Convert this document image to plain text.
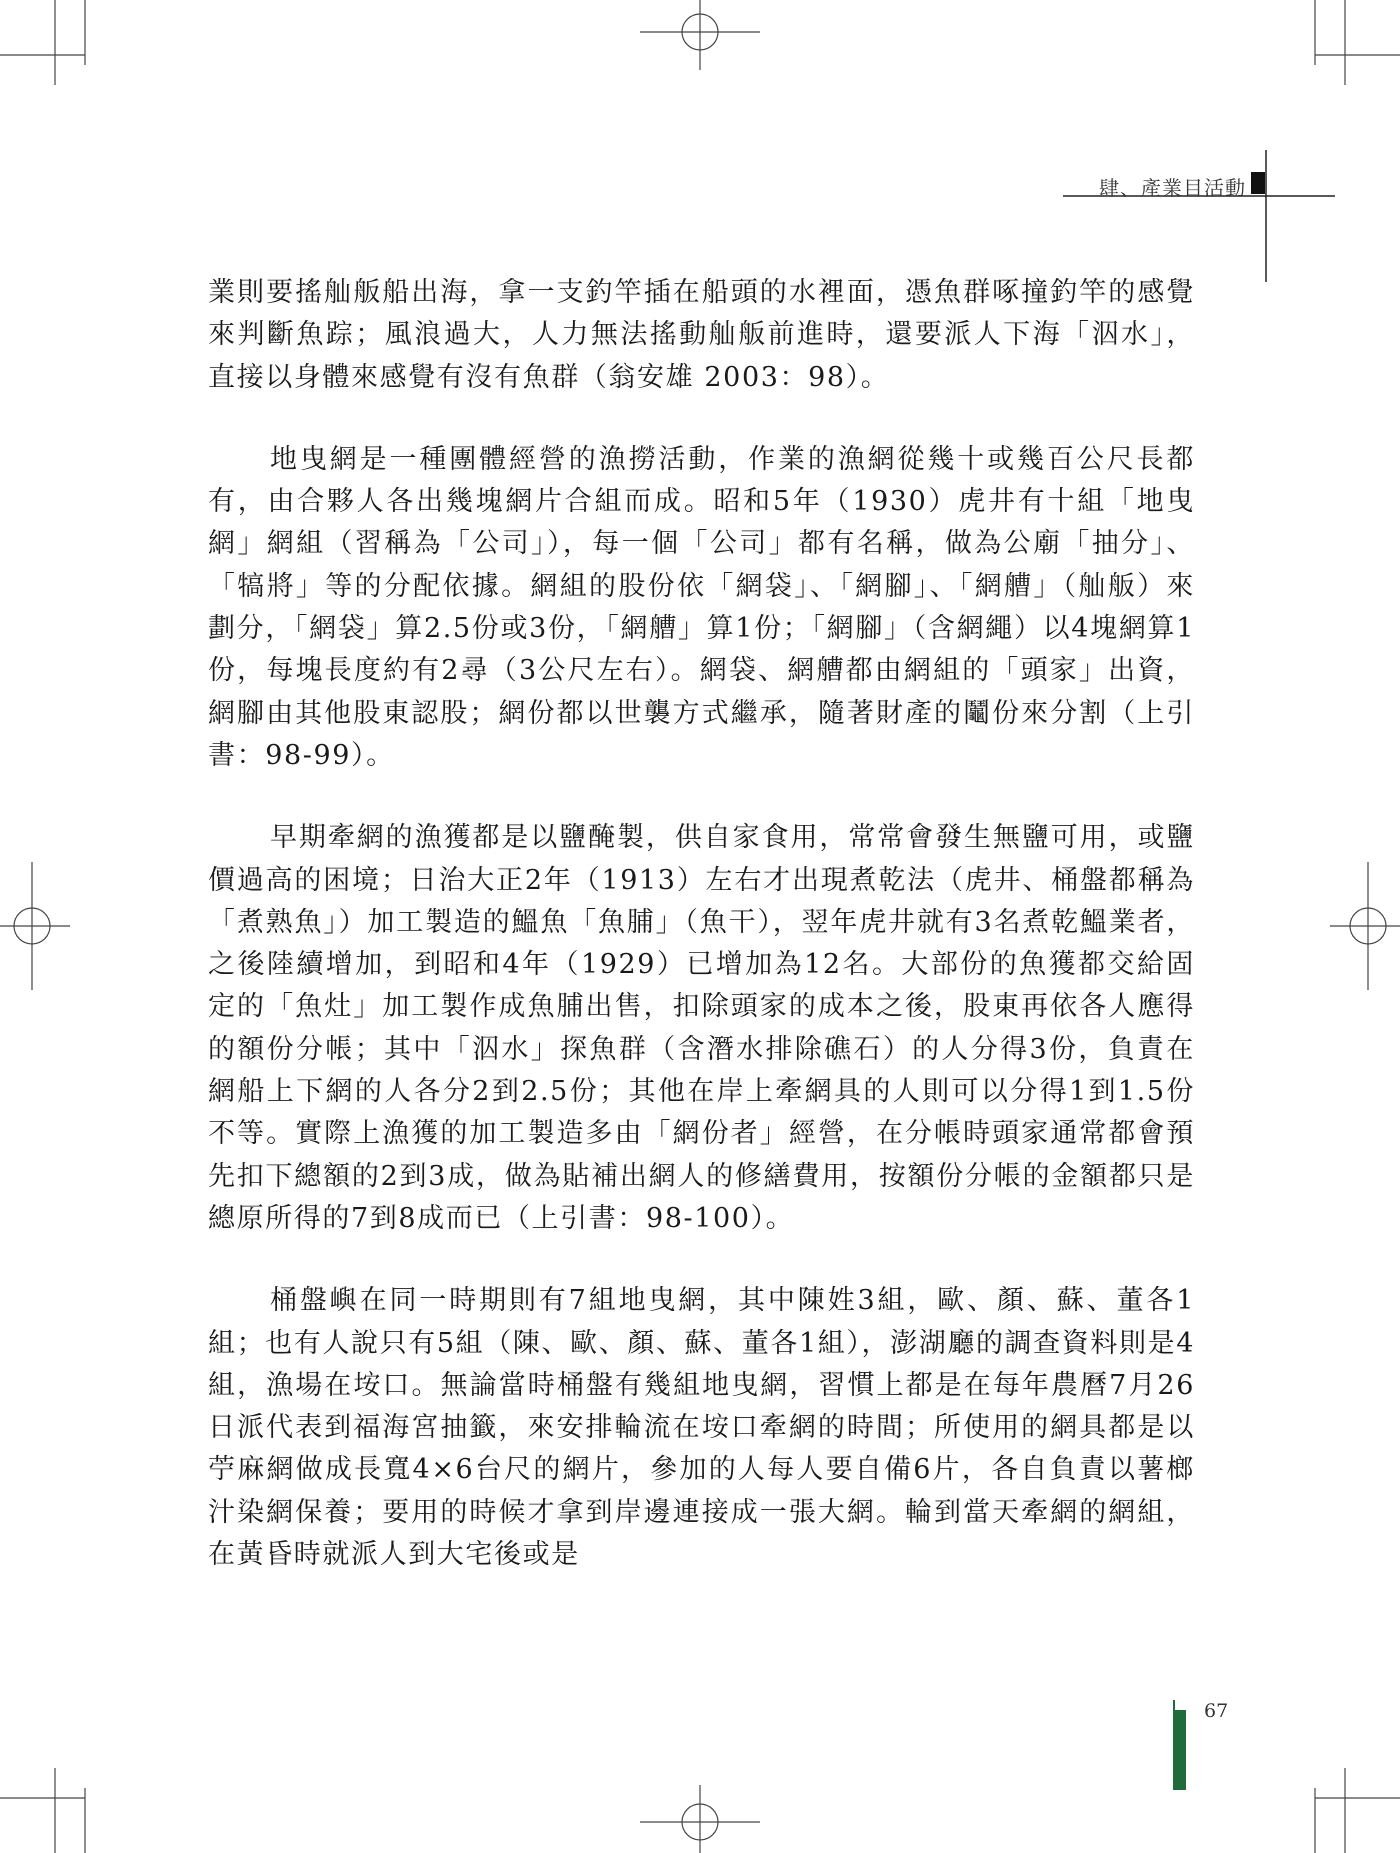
肆、產業目活動

業則要搖舢舨船出海，拿一支釣竿插在船頭的水裡面，憑魚群啄撞釣竿的感覺來判斷魚踪；風浪過大，人力無法搖動舢舨前進時，還要派人下海「泅水」，直接以身體來感覺有沒有魚群（翁安雄 2003：98）。

地曳網是一種團體經營的漁撈活動，作業的漁網從幾十或幾百公尺長都有，由合夥人各出幾塊網片合組而成。昭和5年（1930）虎井有十組「地曳網」網組（習稱為「公司」），每一個「公司」都有名稱，做為公廟「抽分」、「犒將」等的分配依據。網組的股份依「網袋」、「網腳」、「網艚」（舢舨）來劃分，「網袋」算2.5份或3份，「網艚」算1份；「網腳」（含網繩）以4塊網算1份，每塊長度約有2尋（3公尺左右）。網袋、網艚都由網組的「頭家」出資，網腳由其他股東認股；網份都以世襲方式繼承，隨著財產的鬮份來分割（上引書：98-99）。

早期牽網的漁獲都是以鹽醃製，供自家食用，常常會發生無鹽可用，或鹽價過高的困境；日治大正2年（1913）左右才出現煮乾法（虎井、桶盤都稱為「煮熟魚」）加工製造的鰮魚「魚脯」（魚干），翌年虎井就有3名煮乾鰮業者，之後陸續增加，到昭和4年（1929）已增加為12名。大部份的魚獲都交給固定的「魚灶」加工製作成魚脯出售，扣除頭家的成本之後，股東再依各人應得的額份分帳；其中「泅水」探魚群（含潛水排除礁石）的人分得3份，負責在網船上下網的人各分2到2.5份；其他在岸上牽網具的人則可以分得1到1.5份不等。實際上漁獲的加工製造多由「網份者」經營，在分帳時頭家通常都會預先扣下總額的2到3成，做為貼補出網人的修繕費用，按額份分帳的金額都只是總原所得的7到8成而已（上引書：98-100）。

桶盤嶼在同一時期則有7組地曳網，其中陳姓3組，歐、顏、蘇、董各1組；也有人說只有5組（陳、歐、顏、蘇、董各1組），澎湖廳的調查資料則是4組，漁場在垵口。無論當時桶盤有幾組地曳網，習慣上都是在每年農曆7月26日派代表到福海宮抽籤，來安排輪流在垵口牽網的時間；所使用的網具都是以苧麻網做成長寬4×6台尺的網片，參加的人每人要自備6片，各自負責以薯榔汁染網保養；要用的時候才拿到岸邊連接成一張大網。輪到當天牽網的網組，在黃昏時就派人到大宅後或是

67
